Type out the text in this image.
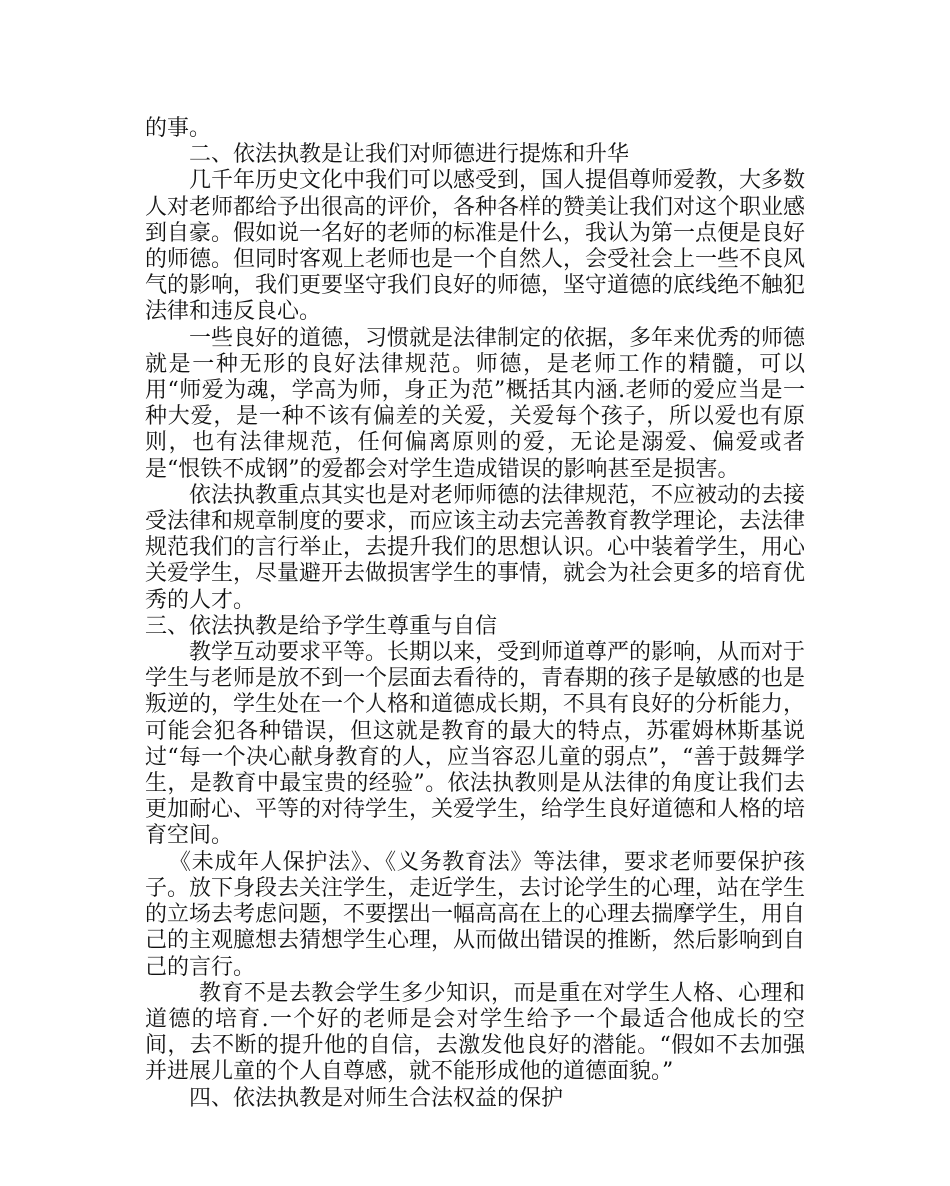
的事。

二、依法执教是让我们对师德进行提炼和升华

几千年历史文化中我们可以感受到，国人提倡尊师爱教，大多数人对老师都给予出很高的评价，各种各样的赞美让我们对这个职业感到自豪。假如说一名好的老师的标准是什么，我认为第一点便是良好的师德。但同时客观上老师也是一个自然人，会受社会上一些不良风气的影响，我们更要坚守我们良好的师德，坚守道德的底线绝不触犯法律和违反良心。

一些良好的道德，习惯就是法律制定的依据，多年来优秀的师德就是一种无形的良好法律规范。师德，是老师工作的精髓，可以用“师爱为魂，学高为师，身正为范”概括其内涵.老师的爱应当是一种大爱，是一种不该有偏差的关爱，关爱每个孩子，所以爱也有原则，也有法律规范，任何偏离原则的爱，无论是溺爱、偏爱或者是“恨铁不成钢”的爱都会对学生造成错误的影响甚至是损害。

依法执教重点其实也是对老师师德的法律规范，不应被动的去接受法律和规章制度的要求，而应该主动去完善教育教学理论，去法律规范我们的言行举止，去提升我们的思想认识。心中装着学生，用心关爱学生，尽量避开去做损害学生的事情，就会为社会更多的培育优秀的人才。

三、依法执教是给予学生尊重与自信

教学互动要求平等。长期以来，受到师道尊严的影响，从而对于学生与老师是放不到一个层面去看待的，青春期的孩子是敏感的也是叛逆的，学生处在一个人格和道德成长期，不具有良好的分析能力，可能会犯各种错误，但这就是教育的最大的特点，苏霍姆林斯基说过“每一个决心献身教育的人，应当容忍儿童的弱点”，“善于鼓舞学生，是教育中最宝贵的经验”。依法执教则是从法律的角度让我们去更加耐心、平等的对待学生，关爱学生，给学生良好道德和人格的培育空间。

《未成年人保护法》、《义务教育法》等法律，要求老师要保护孩子。放下身段去关注学生，走近学生，去讨论学生的心理，站在学生的立场去考虑问题，不要摆出一幅高高在上的心理去揣摩学生，用自己的主观臆想去猜想学生心理，从而做出错误的推断，然后影响到自己的言行。

教育不是去教会学生多少知识，而是重在对学生人格、心理和道德的培育.一个好的老师是会对学生给予一个最适合他成长的空间，去不断的提升他的自信，去激发他良好的潜能。“假如不去加强并进展儿童的个人自尊感，就不能形成他的道德面貌。”

四、依法执教是对师生合法权益的保护
